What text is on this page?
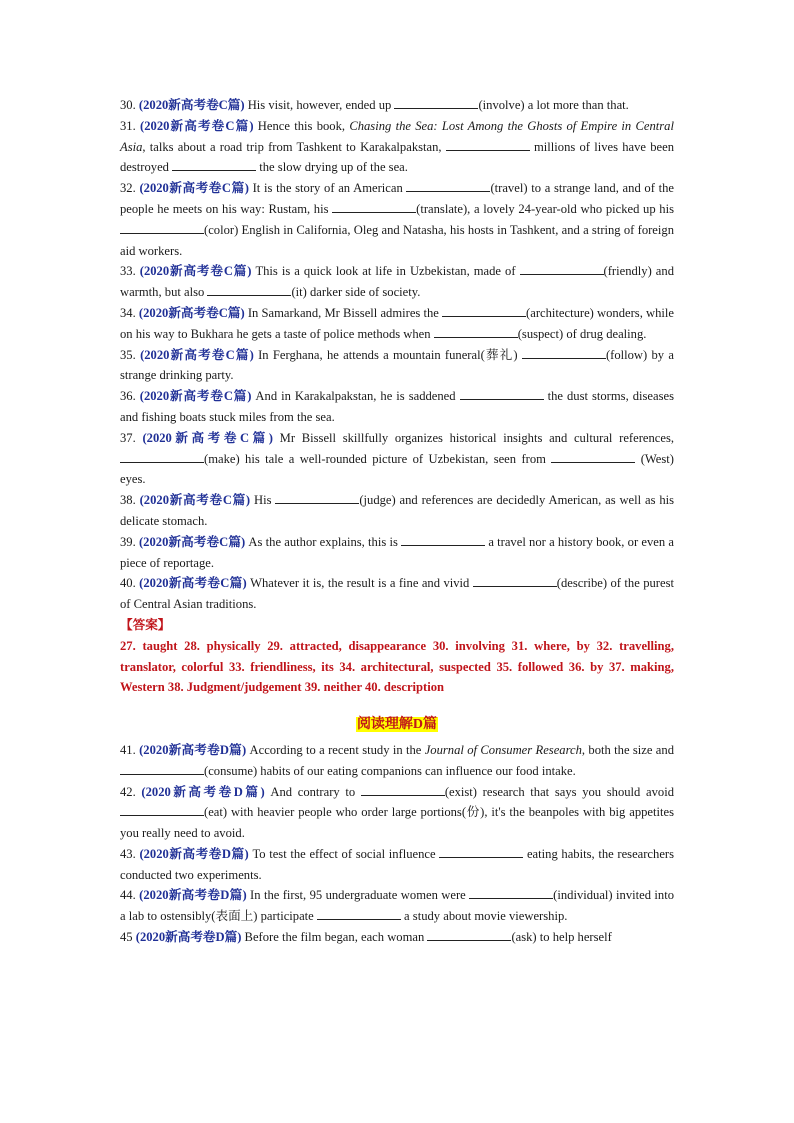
30. (2020新高考卷C篇) His visit, however, ended up	(involve) a lot more than that.
31. (2020新高考卷C篇) Hence this book, Chasing the Sea: Lost Among the Ghosts of Empire in Central Asia, talks about a road trip from Tashkent to Karakalpakstan,	millions of lives have been destroyed	the slow drying up of the sea.
32. (2020新高考卷C篇) It is the story of an American	(travel) to a strange land, and of the people he meets on his way: Rustam, his	(translate), a lovely 24-year-old who picked up his (color) English in California, Oleg and Natasha, his hosts in Tashkent, and a string of foreign aid workers.
33. (2020新高考卷C篇) This is a quick look at life in Uzbekistan, made of	(friendly) and warmth, but also	(it) darker side of society.
34. (2020新高考卷C篇) In Samarkand, Mr Bissell admires the	(architecture) wonders, while on his way to Bukhara he gets a taste of police methods when	(suspect) of drug dealing.
35. (2020新高考卷C篇) In Ferghana, he attends a mountain funeral(葬礼)	(follow) by a strange drinking party.
36. (2020新高考卷C篇) And in Karakalpakstan, he is saddened	the dust storms, diseases and fishing boats stuck miles from the sea.
37. (2020新高考卷C篇) Mr Bissell skillfully organizes historical insights and cultural references, (make) his tale a well-rounded picture of Uzbekistan, seen from	(West) eyes.
38. (2020新高考卷C篇) His	(judge) and references are decidedly American, as well as his delicate stomach.
39. (2020新高考卷C篇) As the author explains, this is	a travel nor a history book, or even a piece of reportage.
40. (2020新高考卷C篇) Whatever it is, the result is a fine and vivid	(describe) of the purest of Central Asian traditions.
【答案】
27. taught 28. physically 29. attracted, disappearance 30. involving 31. where, by 32. travelling, translator, colorful 33. friendliness, its 34. architectural, suspected 35. followed 36. by 37. making, Western 38. Judgment/judgement 39. neither 40. description
阅读理解D篇
41. (2020新高考卷D篇) According to a recent study in the Journal of Consumer Research, both the size and (consume) habits of our eating companions can influence our food intake.
42. (2020新高考卷D篇) And contrary to	(exist) research that says you should avoid (eat) with heavier people who order large portions(份), it's the beanpoles with big appetites you really need to avoid.
43. (2020新高考卷D篇) To test the effect of social influence	eating habits, the researchers conducted two experiments.
44. (2020新高考卷D篇) In the first, 95 undergraduate women were	(individual) invited into a lab to ostensibly(表面上) participate	a study about movie viewership.
45 (2020新高考卷D篇) Before the film began, each woman	(ask) to help herself
